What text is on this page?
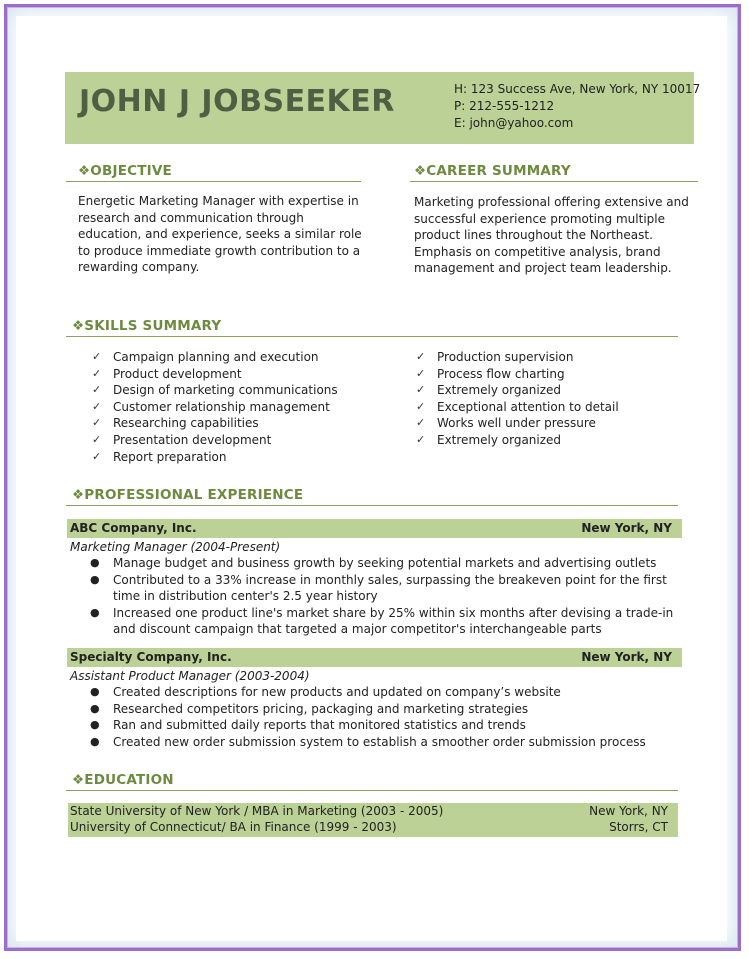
JOHN J JOBSEEKER	H: 123 Success Ave, New York, NY 10017
P: 212-555-1212
E: john@yahoo.com
❖OBJECTIVE
Energetic Marketing Manager with expertise in
research and communication through
education, and experience, seeks a similar role
to produce immediate growth contribution to a
rewarding company.
❖CAREER SUMMARY
Marketing professional offering extensive and
successful experience promoting multiple
product lines throughout the Northeast.
Emphasis on competitive analysis, brand
management and project team leadership.
❖SKILLS SUMMARY
✓ Campaign planning and execution
✓ Product development
✓ Design of marketing communications
✓ Customer relationship management
✓ Researching capabilities
✓ Presentation development
✓ Report preparation
✓ Production supervision
✓ Process flow charting
✓ Extremely organized
✓ Exceptional attention to detail
✓ Works well under pressure
✓ Extremely organized
❖PROFESSIONAL EXPERIENCE
ABC Company, Inc.	New York, NY
Marketing Manager (2004-Present)
● Manage budget and business growth by seeking potential markets and advertising outlets
● Contributed to a 33% increase in monthly sales, surpassing the breakeven point for the first time in distribution center's 2.5 year history
● Increased one product line's market share by 25% within six months after devising a trade-in and discount campaign that targeted a major competitor's interchangeable parts
Specialty Company, Inc.	New York, NY
Assistant Product Manager (2003-2004)
● Created descriptions for new products and updated on company’s website
● Researched competitors pricing, packaging and marketing strategies
● Ran and submitted daily reports that monitored statistics and trends
● Created new order submission system to establish a smoother order submission process
❖EDUCATION
State University of New York / MBA in Marketing (2003 - 2005)	New York, NY
University of Connecticut/ BA in Finance (1999 - 2003)	Storrs, CT
